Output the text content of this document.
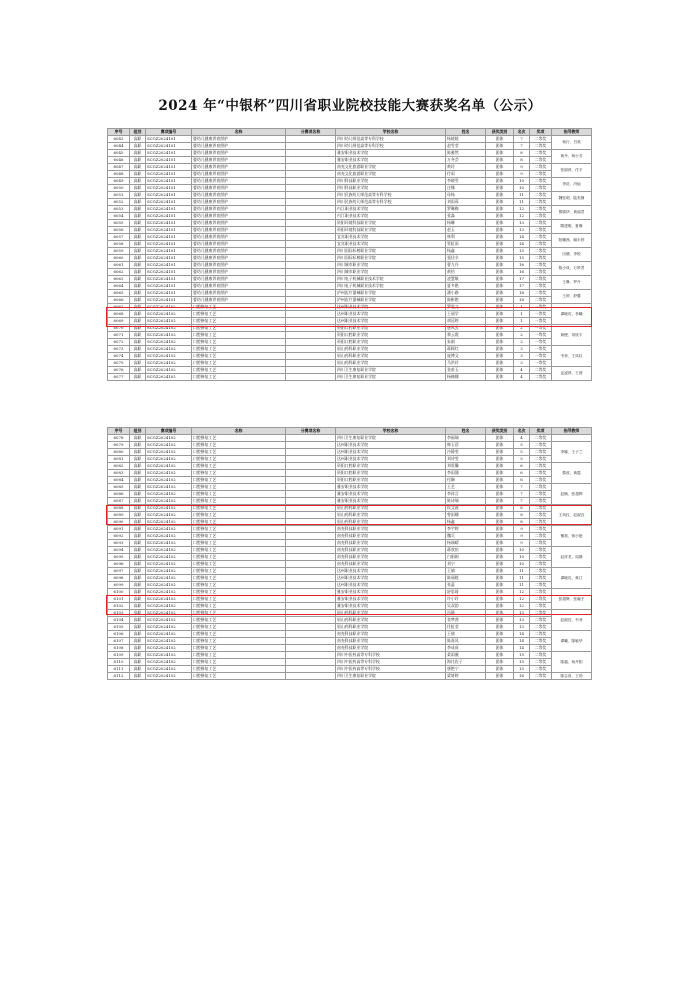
2024 年“中银杯”四川省职业院校技能大赛获奖名单（公示）
序号	组别	赛项编号	名称	分赛项名称	学校名称	姓名	获奖类别	名次	奖项	指导教师
6043	高职	SCGZ2024101	婴幼儿健康养育照护		四川幼儿师范高等专科学校	杨媛媛	团体	7	二等奖	杨行、吕欢
6044	高职	SCGZ2024101	婴幼儿健康养育照护		四川幼儿师范高等专科学校	赵雪莹	团体	7	二等奖	
6045	高职	SCGZ2024101	婴幼儿健康养育照护		雅安职业技术学院	陈雅然	团体	8	二等奖	黄丹、杨小芳
6046	高职	SCGZ2024101	婴幼儿健康养育照护		雅安职业技术学院	万冬芸	团体	8	二等奖	
6047	高职	SCGZ2024101	婴幼儿健康养育照护		南充文化旅游职业学院	黄玲	团体	9	二等奖	张丽萍、任平
6048	高职	SCGZ2024101	婴幼儿健康养育照护		南充文化旅游职业学院	付雨	团体	9	二等奖	
6049	高职	SCGZ2024101	婴幼儿健康养育照护		四川科技职业学院	李晓雪	团体	10	二等奖	李莅、冯灿
6050	高职	SCGZ2024101	婴幼儿健康养育照护		四川科技职业学院	庄娜	团体	10	二等奖	
6051	高职	SCGZ2024101	婴幼儿健康养育照护		四川民族幼儿师范高等专科学校	母杨	团体	11	二等奖	魏钰明、陆美静
6052	高职	SCGZ2024101	婴幼儿健康养育照护		四川民族幼儿师范高等专科学校	刘雨蓉	团体	11	二等奖	
6053	高职	SCGZ2024101	婴幼儿健康养育照护		内江职业技术学院	罗琳梅	团体	12	二等奖	熊锦伊、黄丽君
6054	高职	SCGZ2024101	婴幼儿健康养育照护		内江职业技术学院	张淼	团体	12	二等奖	
6055	高职	SCGZ2024101	婴幼儿健康养育照护		资阳环境科技职业学院	杨琳	团体	13	二等奖	隋建明、夏琳
6056	高职	SCGZ2024101	婴幼儿健康养育照护		资阳环境科技职业学院	赵玉	团体	13	二等奖	
6057	高职	SCGZ2024101	婴幼儿健康养育照护		宜宾职业技术学院	林利	团体	14	二等奖	阳曦茜、喻永婷
6058	高职	SCGZ2024101	婴幼儿健康养育照护		宜宾职业技术学院	管虹雨	团体	14	二等奖	
6059	高职	SCGZ2024101	婴幼儿健康养育照护		四川国际标榜职业学院	杨鑫	团体	15	二等奖	田薇、李锐
6060	高职	SCGZ2024101	婴幼儿健康养育照护		四川国际标榜职业学院	張佳辛	团体	15	二等奖	
6061	高职	SCGZ2024101	婴幼儿健康养育照护		四川城市职业学院	曹九丹	团体	16	二等奖	陈小凤、万梦君
6062	高职	SCGZ2024101	婴幼儿健康养育照护		四川城市职业学院	黄怡	团体	16	二等奖	
6063	高职	SCGZ2024101	婴幼儿健康养育照护		四川电子机械职业技术学院	凌慧敏	团体	17	二等奖	王琳、罗丹
6064	高职	SCGZ2024101	婴幼儿健康养育照护		四川电子机械职业技术学院	夏多艳	团体	17	二等奖	
6065	高职	SCGZ2024101	婴幼儿健康养育照护		泸州医疗器械职业学院	潘小路	团体	18	二等奖	王婷、舒馨
6066	高职	SCGZ2024101	婴幼儿健康养育照护		泸州医疗器械职业学院	陈彬艳	团体	18	二等奖	
6067	高职	SCGZ2024102	口腔修复工艺		达州职业技术学院	罗雯文	团体	1	一等奖	谭峻宾、李曦
6068	高职	SCGZ2024102	口腔修复工艺		达州职业技术学院	王丽学	团体	1	一等奖	
6069	高职	SCGZ2024102	口腔修复工艺		达州职业技术学院	胡廷婷	团体	1	一等奖	
6070	高职	SCGZ2024102	口腔修复工艺		资阳口腔职业学院	唐风云	团体	2	一等奖	黄俊、刘欣宇
6071	高职	SCGZ2024102	口腔修复工艺		资阳口腔职业学院	黎云霞	团体	2	一等奖	
6072	高职	SCGZ2024102	口腔修复工艺		资阳口腔职业学院	朱刚	团体	2	一等奖	
6073	高职	SCGZ2024102	口腔修复工艺		眉山药科职业学院	蒋顾红	团体	3	一等奖	韦菲、王凤仪
6074	高职	SCGZ2024102	口腔修复工艺		眉山药科职业学院	庞博文	团体	3	一等奖	
6075	高职	SCGZ2024102	口腔修复工艺		眉山药科职业学院	马洪玲	团体	3	一等奖	
6076	高职	SCGZ2024102	口腔修复工艺		四川卫生康复职业学院	张甫玉	团体	4	二等奖	孟凌萍、王莉
6077	高职	SCGZ2024102	口腔修复工艺		四川卫生康复职业学院	杨楠娜	团体	4	二等奖	
序号	组别	赛项编号	名称	分赛项名称	学校名称	姓名	获奖类别	名次	奖项	指导教师
6078	高职	SCGZ2024102	口腔修复工艺		四川卫生康复职业学院	李福瑞	团体	4	二等奖	
6079	高职	SCGZ2024102	口腔修复工艺		达州职业技术学院	韩玉蓓	团体	5	二等奖	李娜、王子兰
6080	高职	SCGZ2024102	口腔修复工艺		达州职业技术学院	冷静雯	团体	5	二等奖	
6081	高职	SCGZ2024102	口腔修复工艺		达州职业技术学院	刘诗雯	团体	5	二等奖	
6082	高职	SCGZ2024102	口腔修复工艺		资阳口腔职业学院	刘贵馨	团体	6	二等奖	黎波、黄霞
6083	高职	SCGZ2024102	口腔修复工艺		资阳口腔职业学院	李雨涵	团体	6	二等奖	
6084	高职	SCGZ2024102	口腔修复工艺		资阳口腔职业学院	付娴	团体	6	二等奖	
6085	高职	SCGZ2024102	口腔修复工艺		雅安职业技术学院	王艺	团体	7	二等奖	赵楠、张超辉
6086	高职	SCGZ2024102	口腔修复工艺		雅安职业技术学院	李祥言	团体	7	二等奖	
6087	高职	SCGZ2024102	口腔修复工艺		雅安职业技术学院	陈诗瑞	团体	7	二等奖	
6088	高职	SCGZ2024102	口腔修复工艺		眉山药科职业学院	侯文燕	团体	8	二等奖	王凤仪、赵淑宜
6089	高职	SCGZ2024102	口腔修复工艺		眉山药科职业学院	曾雨娜	团体	8	二等奖	
6090	高职	SCGZ2024102	口腔修复工艺		眉山药科职业学院	杨鑫	团体	8	二等奖	
6091	高职	SCGZ2024102	口腔修复工艺		南充科技职业学院	李宇婷	团体	9	二等奖	衡莉、蒋小艳
6092	高职	SCGZ2024102	口腔修复工艺		南充科技职业学院	魏兵	团体	9	二等奖	
6093	高职	SCGZ2024102	口腔修复工艺		南充科技职业学院	杨瑞晴	团体	9	二等奖	
6094	高职	SCGZ2024102	口腔修复工艺		南充科技职业学院	蒋欣怡	团体	10	二等奖	赵祥龙、周静
6095	高职	SCGZ2024102	口腔修复工艺		南充科技职业学院	白娟娟	团体	10	二等奖	
6096	高职	SCGZ2024102	口腔修复工艺		南充科技职业学院	刘宁	团体	10	二等奖	
6097	高职	SCGZ2024102	口腔修复工艺		达州职业技术学院	王婧	团体	11	二等奖	谭峻宾、黄江
6098	高职	SCGZ2024102	口腔修复工艺		达州职业技术学院	陈丽媛	团体	11	二等奖	
6099	高职	SCGZ2024102	口腔修复工艺		达州职业技术学院	张蕊	团体	11	二等奖	
6100	高职	SCGZ2024102	口腔修复工艺		雅安职业技术学院	舒思琦	团体	12	二等奖	张超辉、张瀚予
6101	高职	SCGZ2024102	口腔修复工艺		雅安职业技术学院	许小玲	团体	12	二等奖	
6102	高职	SCGZ2024102	口腔修复工艺		雅安职业技术学院	吴双韵	团体	12	二等奖	
6103	高职	SCGZ2024102	口腔修复工艺		眉山药科职业学院	冯静	团体	13	二等奖	赵淑宜、韦菲
6104	高职	SCGZ2024102	口腔修复工艺		眉山药科职业学院	张梦茜	团体	13	二等奖	
6105	高职	SCGZ2024102	口腔修复工艺		眉山药科职业学院	任虹莹	团体	13	二等奖	
6106	高职	SCGZ2024102	口腔修复工艺		南充科技职业学院	王倩	团体	14	二等奖	谭曦、陈敏华
6107	高职	SCGZ2024102	口腔修复工艺		南充科技职业学院	陈嘉凤	团体	14	二等奖	
6108	高职	SCGZ2024102	口腔修复工艺		南充科技职业学院	李成成	团体	14	二等奖	
6109	高职	SCGZ2024102	口腔修复工艺		四川中医药高等专科学校	柔雨薇	团体	15	二等奖	陈越、杨丹阳
6110	高职	SCGZ2024102	口腔修复工艺		四川中医药高等专科学校	海比佐子	团体	15	二等奖	
6111	高职	SCGZ2024102	口腔修复工艺		四川中医药高等专科学校	唐艳宁	团体	15	二等奖	
6112	高职	SCGZ2024102	口腔修复工艺		四川卫生康复职业学院	梁妍婷	团体	16	二等奖	陈志高、王勃
